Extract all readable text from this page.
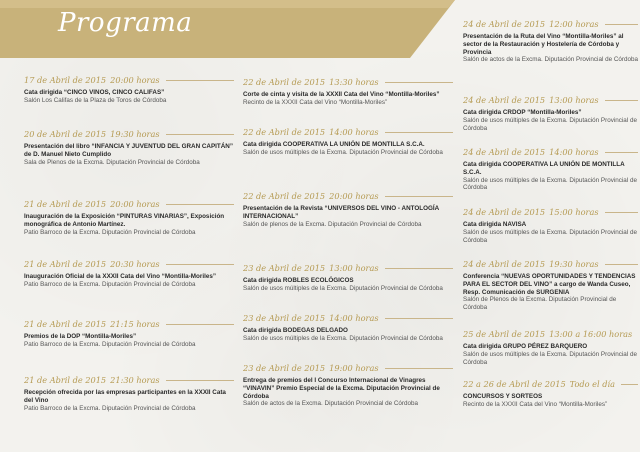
Programa
17 de Abril de 2015 20:00 horas
Cata dirigida “CINCO VINOS, CINCO CALIFAS”
Salón Los Califas de la Plaza de Toros de Córdoba
20 de Abril de 2015 19:30 horas
Presentación del libro “INFANCIA Y JUVENTUD DEL GRAN CAPITÁN” de D. Manuel Nieto Cumplido
Sala de Plenos de la Excma. Diputación Provincial de Córdoba
21 de Abril de 2015 20:00 horas
Inauguración de la Exposición “PINTURAS VINARIAS”, Exposición monográfica de Antonio Martínez.
Patio Barroco de la Excma. Diputación Provincial de Córdoba
21 de Abril de 2015 20:30 horas
Inauguración Oficial de la XXXII Cata del Vino “Montilla-Moriles”
Patio Barroco de la Excma. Diputación Provincial de Córdoba
21 de Abril de 2015 21:15 horas
Premios de la DOP “Montilla-Moriles”
Patio Barroco de la Excma. Diputación Provincial de Córdoba
21 de Abril de 2015 21:30 horas
Recepción ofrecida por las empresas participantes en la XXXII Cata del Vino
Patio Barroco de la Excma. Diputación Provincial de Córdoba
22 de Abril de 2015 13:30 horas
Corte de cinta y visita de la XXXII Cata del Vino “Montilla-Moriles”
Recinto de la XXXII Cata del Vino “Montilla-Moriles”
22 de Abril de 2015 14:00 horas
Cata dirigida COOPERATIVA LA UNIÓN DE MONTILLA S.C.A.
Salón de usos múltiples de la Excma. Diputación Provincial de Córdoba
22 de Abril de 2015 20:00 horas
Presentación de la Revista “UNIVERSOS DEL VINO - ANTOLOGÍA INTERNACIONAL”
Salón de plenos de la Excma. Diputación Provincial de Córdoba
23 de Abril de 2015 13:00 horas
Cata dirigida ROBLES ECOLÓGICOS
Salón de usos múltiples de la Excma. Diputación Provincial de Córdoba
23 de Abril de 2015 14:00 horas
Cata dirigida BODEGAS DELGADO
Salón de usos múltiples de la Excma. Diputación Provincial de Córdoba
23 de Abril de 2015 19:00 horas
Entrega de premios del I Concurso Internacional de Vinagres “VINAVIN” Premio Especial de la Excma. Diputación Provincial de Córdoba
Salón de actos de la Excma. Diputación Provincial de Córdoba
24 de Abril de 2015 12:00 horas
Presentación de la Ruta del Vino “Montilla-Moriles” al sector de la Restauración y Hostelería de Córdoba y Provincia
Salón de actos de la Excma. Diputación Provincial de Córdoba
24 de Abril de 2015 13:00 horas
Cata dirigida CRDOP “Montilla-Moriles”
Salón de usos múltiples de la Excma. Diputación Provincial de Córdoba
24 de Abril de 2015 14:00 horas
Cata dirigida COOPERATIVA LA UNIÓN DE MONTILLA S.C.A.
Salón de usos múltiples de la Excma. Diputación Provincial de Córdoba
24 de Abril de 2015 15:00 horas
Cata dirigida NAVISA
Salón de usos múltiples de la Excma. Diputación Provincial de Córdoba
24 de Abril de 2015 19:30 horas
Conferencia “NUEVAS OPORTUNIDADES Y TENDENCIAS PARA EL SECTOR DEL VINO” a cargo de Wanda Cuseo, Resp. Comunicación de SURGENIA
Salón de Plenos de la Excma. Diputación Provincial de Córdoba
25 de Abril de 2015 13:00 a 16:00 horas
Cata dirigida GRUPO PÉREZ BARQUERO
Salón de usos múltiples de la Excma. Diputación Provincial de Córdoba
22 a 26 de Abril de 2015 Todo el día
CONCURSOS Y SORTEOS
Recinto de la XXXII Cata del Vino “Montilla-Moriles”
